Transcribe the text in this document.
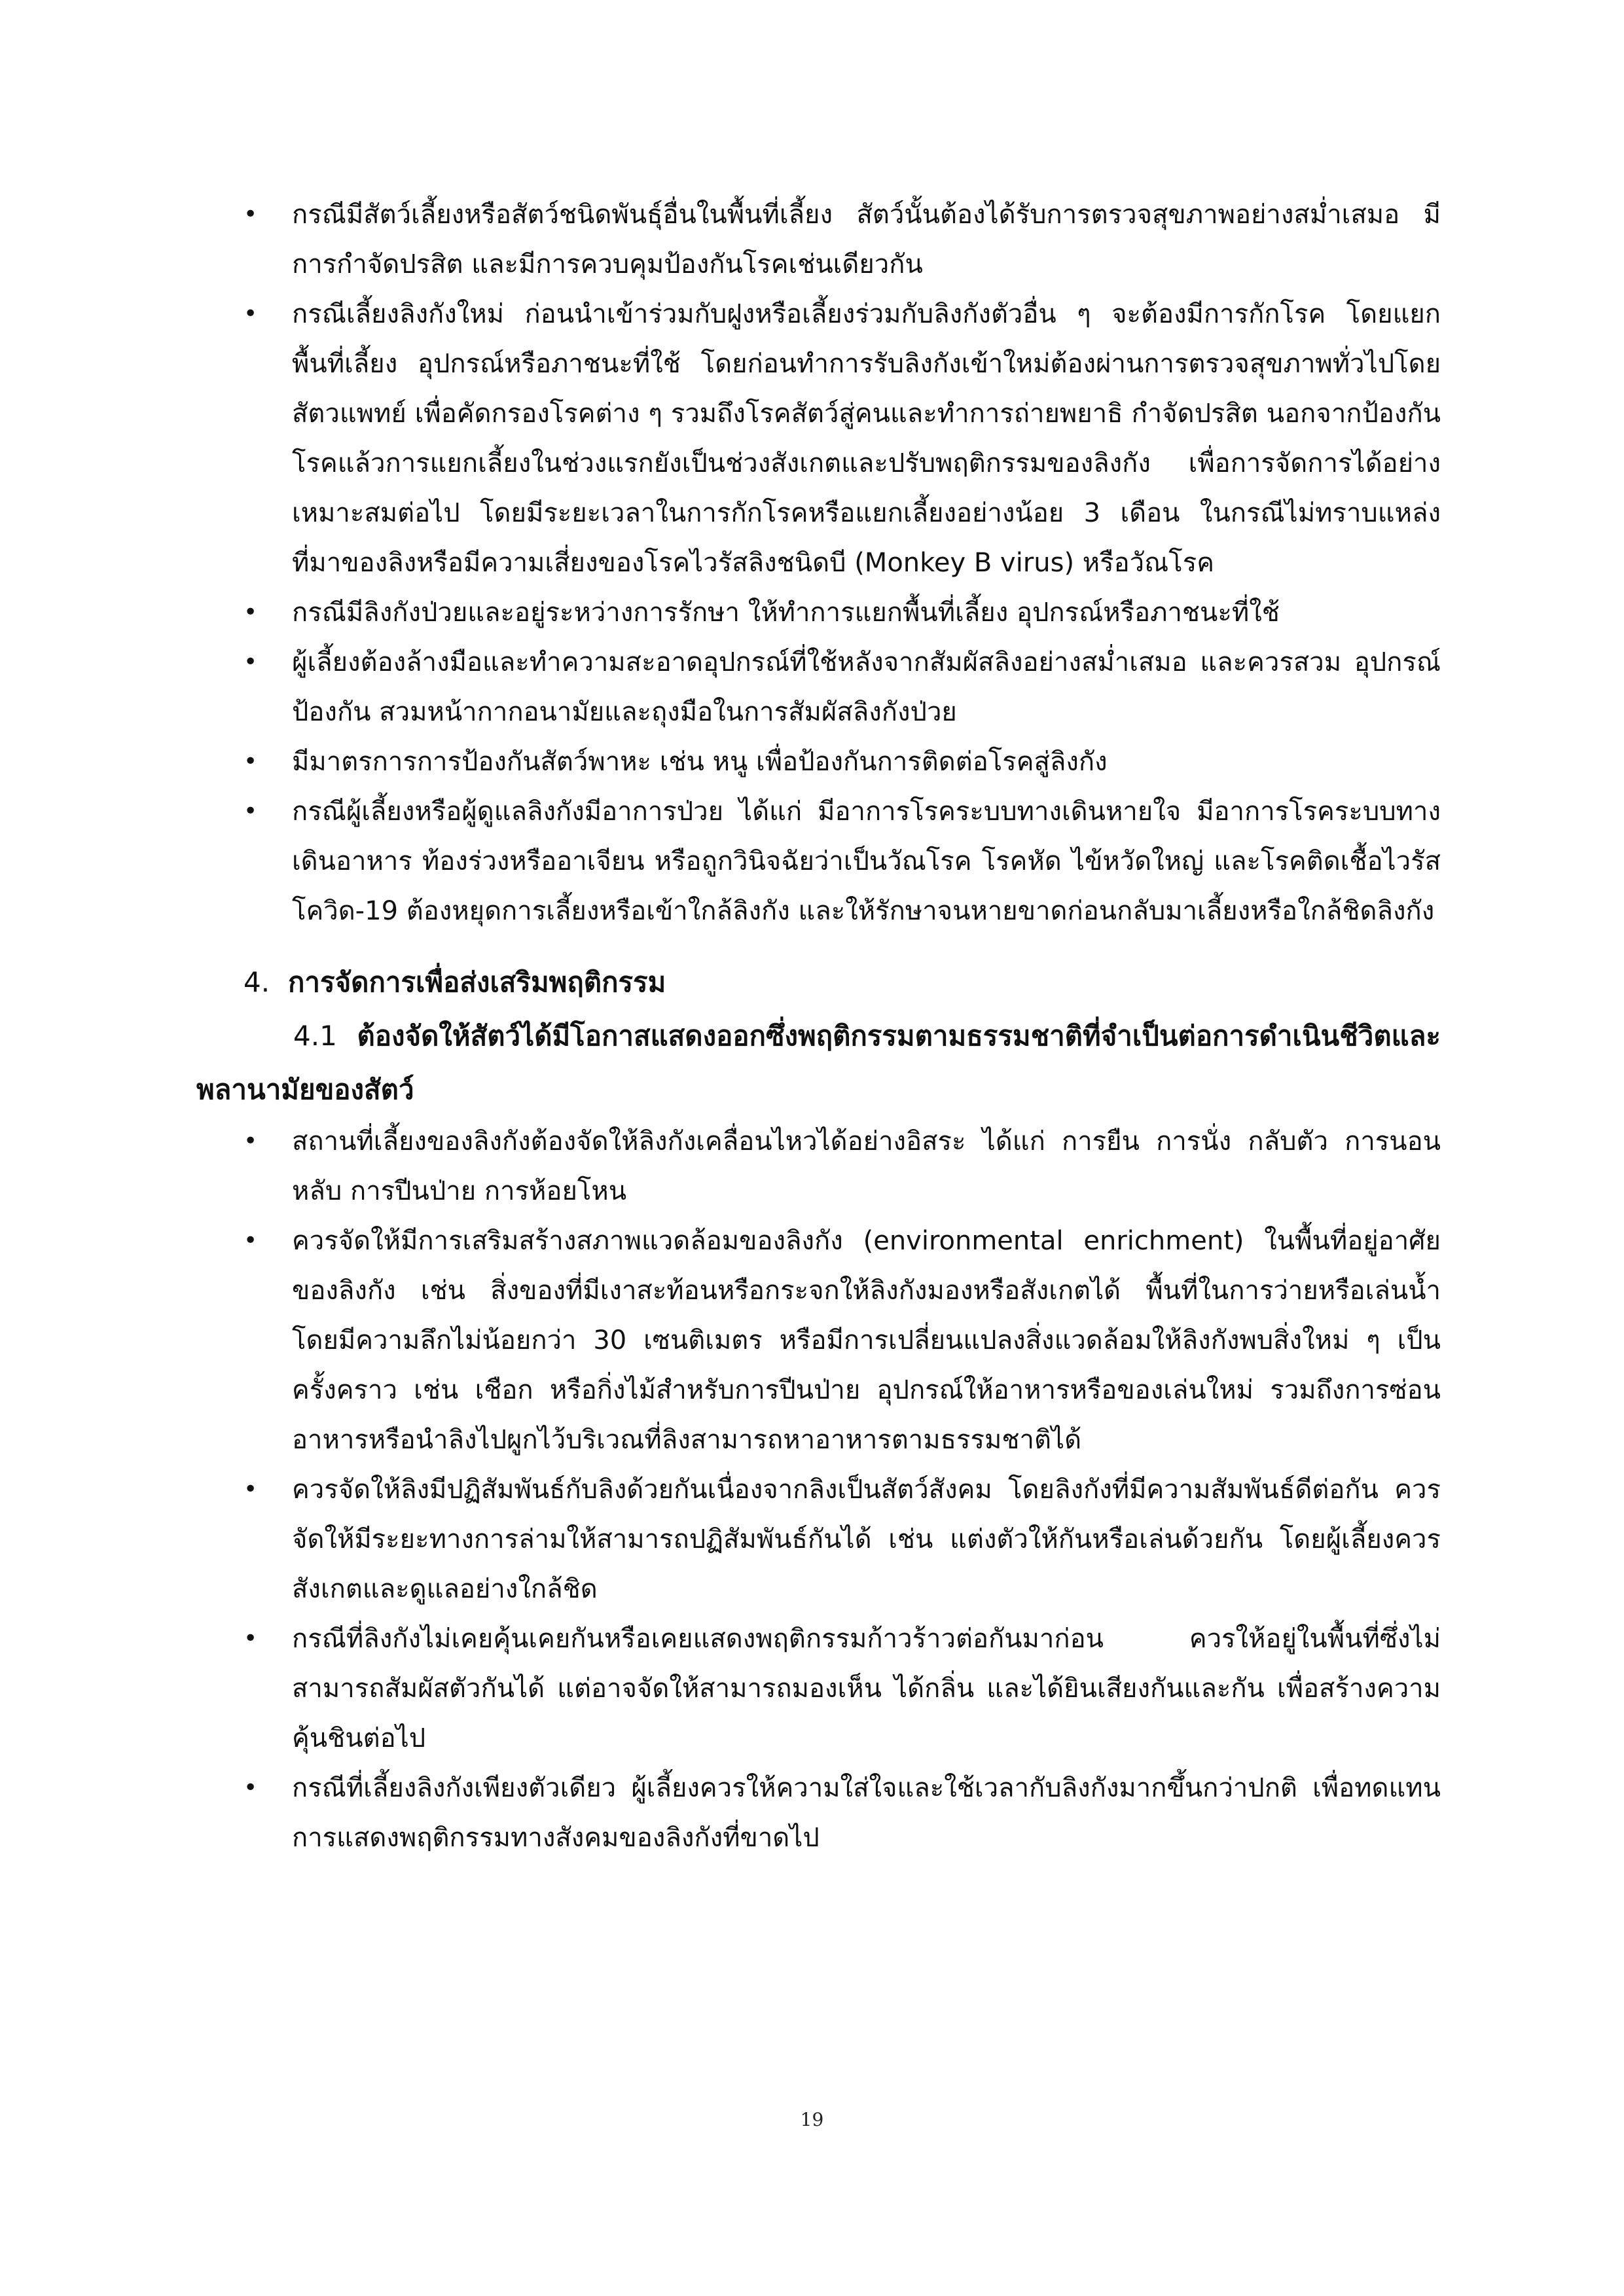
• กรณีมีสัตว์เลี้ยงหรือสัตว์ชนิดพันธุ์อื่นในพื้นที่เลี้ยง สัตว์นั้นต้องได้รับการตรวจสุขภาพอย่างสม่ำเสมอ มีการกำจัดปรสิต และมีการควบคุมป้องกันโรคเช่นเดียวกัน
• กรณีเลี้ยงลิงกังใหม่ ก่อนนำเข้าร่วมกับฝูงหรือเลี้ยงร่วมกับลิงกังตัวอื่น ๆ จะต้องมีการกักโรค โดยแยกพื้นที่เลี้ยง อุปกรณ์หรือภาชนะที่ใช้ โดยก่อนทำการรับลิงกังเข้าใหม่ต้องผ่านการตรวจสุขภาพทั่วไปโดยสัตวแพทย์ เพื่อคัดกรองโรคต่าง ๆ รวมถึงโรคสัตว์สู่คนและทำการถ่ายพยาธิ กำจัดปรสิต นอกจากป้องกันโรคแล้วการแยกเลี้ยงในช่วงแรกยังเป็นช่วงสังเกตและปรับพฤติกรรมของลิงกัง เพื่อการจัดการได้อย่างเหมาะสมต่อไป โดยมีระยะเวลาในการกักโรคหรือแยกเลี้ยงอย่างน้อย 3 เดือน ในกรณีไม่ทราบแหล่งที่มาของลิงหรือมีความเสี่ยงของโรคไวรัสลิงชนิดบี (Monkey B virus) หรือวัณโรค
• กรณีมีลิงกังป่วยและอยู่ระหว่างการรักษา ให้ทำการแยกพื้นที่เลี้ยง อุปกรณ์หรือภาชนะที่ใช้
• ผู้เลี้ยงต้องล้างมือและทำความสะอาดอุปกรณ์ที่ใช้หลังจากสัมผัสลิงอย่างสม่ำเสมอ และควรสวม อุปกรณ์ป้องกัน สวมหน้ากากอนามัยและถุงมือในการสัมผัสลิงกังป่วย
• มีมาตรการการป้องกันสัตว์พาหะ เช่น หนู เพื่อป้องกันการติดต่อโรคสู่ลิงกัง
• กรณีผู้เลี้ยงหรือผู้ดูแลลิงกังมีอาการป่วย ได้แก่ มีอาการโรคระบบทางเดินหายใจ มีอาการโรคระบบทางเดินอาหาร ท้องร่วงหรืออาเจียน หรือถูกวินิจฉัยว่าเป็นวัณโรค โรคหัด ไข้หวัดใหญ่ และโรคติดเชื้อไวรัสโควิด-19 ต้องหยุดการเลี้ยงหรือเข้าใกล้ลิงกัง และให้รักษาจนหายขาดก่อนกลับมาเลี้ยงหรือใกล้ชิดลิงกัง
4. การจัดการเพื่อส่งเสริมพฤติกรรม

4.1 ต้องจัดให้สัตว์ได้มีโอกาสแสดงออกซึ่งพฤติกรรมตามธรรมชาติที่จำเป็นต่อการดำเนินชีวิตและพลานามัยของสัตว์

• สถานที่เลี้ยงของลิงกังต้องจัดให้ลิงกังเคลื่อนไหวได้อย่างอิสระ ได้แก่ การยืน การนั่ง กลับตัว การนอนหลับ การปีนป่าย การห้อยโหน
• ควรจัดให้มีการเสริมสร้างสภาพแวดล้อมของลิงกัง (environmental enrichment) ในพื้นที่อยู่อาศัยของลิงกัง เช่น สิ่งของที่มีเงาสะท้อนหรือกระจกให้ลิงกังมองหรือสังเกตได้ พื้นที่ในการว่ายหรือเล่นน้ำ โดยมีความลึกไม่น้อยกว่า 30 เซนติเมตร หรือมีการเปลี่ยนแปลงสิ่งแวดล้อมให้ลิงกังพบสิ่งใหม่ ๆ เป็นครั้งคราว เช่น เชือก หรือกิ่งไม้สำหรับการปีนป่าย อุปกรณ์ให้อาหารหรือของเล่นใหม่ รวมถึงการซ่อนอาหารหรือนำลิงไปผูกไว้บริเวณที่ลิงสามารถหาอาหารตามธรรมชาติได้
• ควรจัดให้ลิงมีปฏิสัมพันธ์กับลิงด้วยกันเนื่องจากลิงเป็นสัตว์สังคม โดยลิงกังที่มีความสัมพันธ์ดีต่อกัน ควรจัดให้มีระยะทางการล่ามให้สามารถปฏิสัมพันธ์กันได้ เช่น แต่งตัวให้กันหรือเล่นด้วยกัน โดยผู้เลี้ยงควรสังเกตและดูแลอย่างใกล้ชิด
• กรณีที่ลิงกังไม่เคยคุ้นเคยกันหรือเคยแสดงพฤติกรรมก้าวร้าวต่อกันมาก่อน ควรให้อยู่ในพื้นที่ซึ่งไม่สามารถสัมผัสตัวกันได้ แต่อาจจัดให้สามารถมองเห็น ได้กลิ่น และได้ยินเสียงกันและกัน เพื่อสร้างความคุ้นชินต่อไป
• กรณีที่เลี้ยงลิงกังเพียงตัวเดียว ผู้เลี้ยงควรให้ความใส่ใจและใช้เวลากับลิงกังมากขึ้นกว่าปกติ เพื่อทดแทนการแสดงพฤติกรรมทางสังคมของลิงกังที่ขาดไป
19
